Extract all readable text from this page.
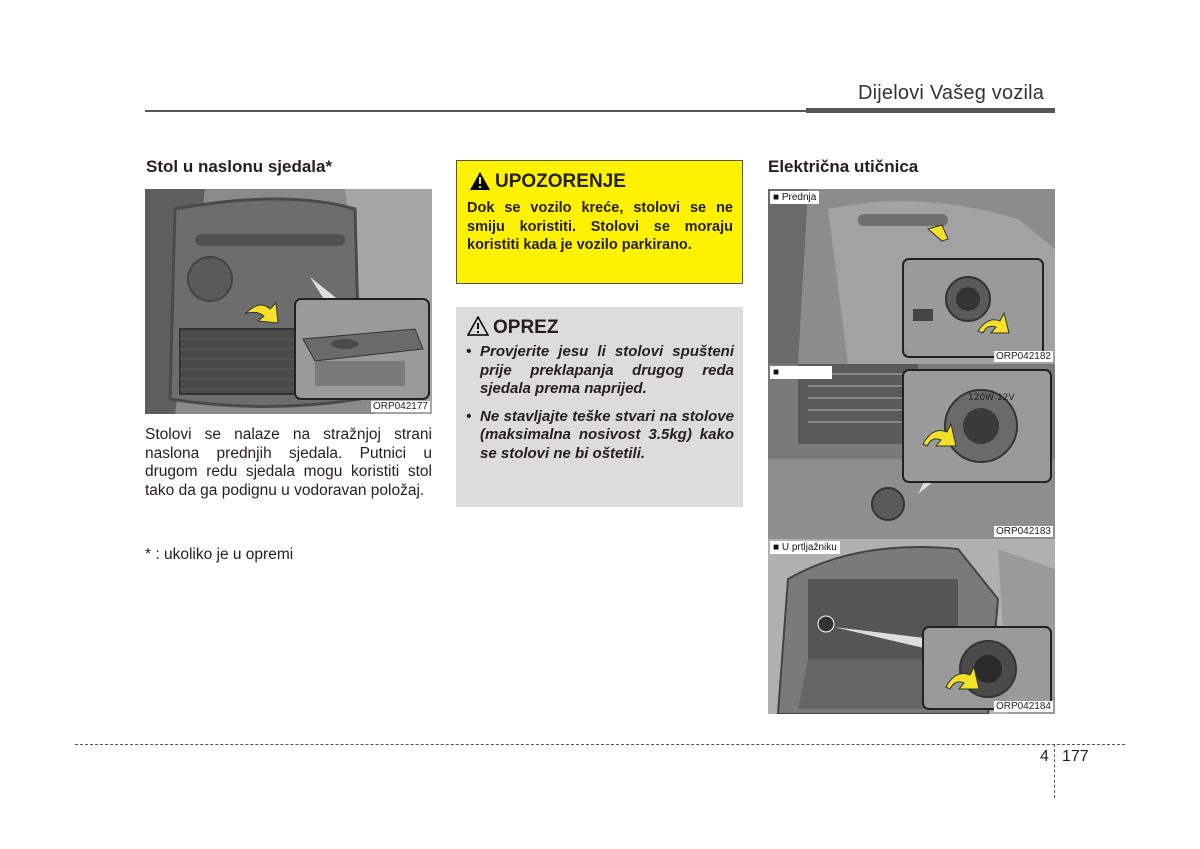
Dijelovi Vašeg vozila
Stol u naslonu sjedala*
ORP042177
Stolovi se nalaze na stražnjoj strani naslona prednjih sjedala. Putnici u drugom redu sjedala mogu koristiti stol tako da ga podignu u vodoravan položaj.
* : ukoliko je u opremi
UPOZORENJE
Dok se vozilo kreće, stolovi se ne smiju koristiti. Stolovi se moraju koristiti kada je vozilo parkirano.
OPREZ
• Provjerite jesu li stolovi spušteni prije preklapanja drugog reda sjedala prema naprijed.
• Ne stavljajte teške stvari na stolove (maksimalna nosivost 3.5kg) kako se stolovi ne bi oštetili.
Električna utičnica
■ Prednja
ORP042182
120W 12V
■
ORP042183
■ U prtljažniku
ORP042184
4 177
